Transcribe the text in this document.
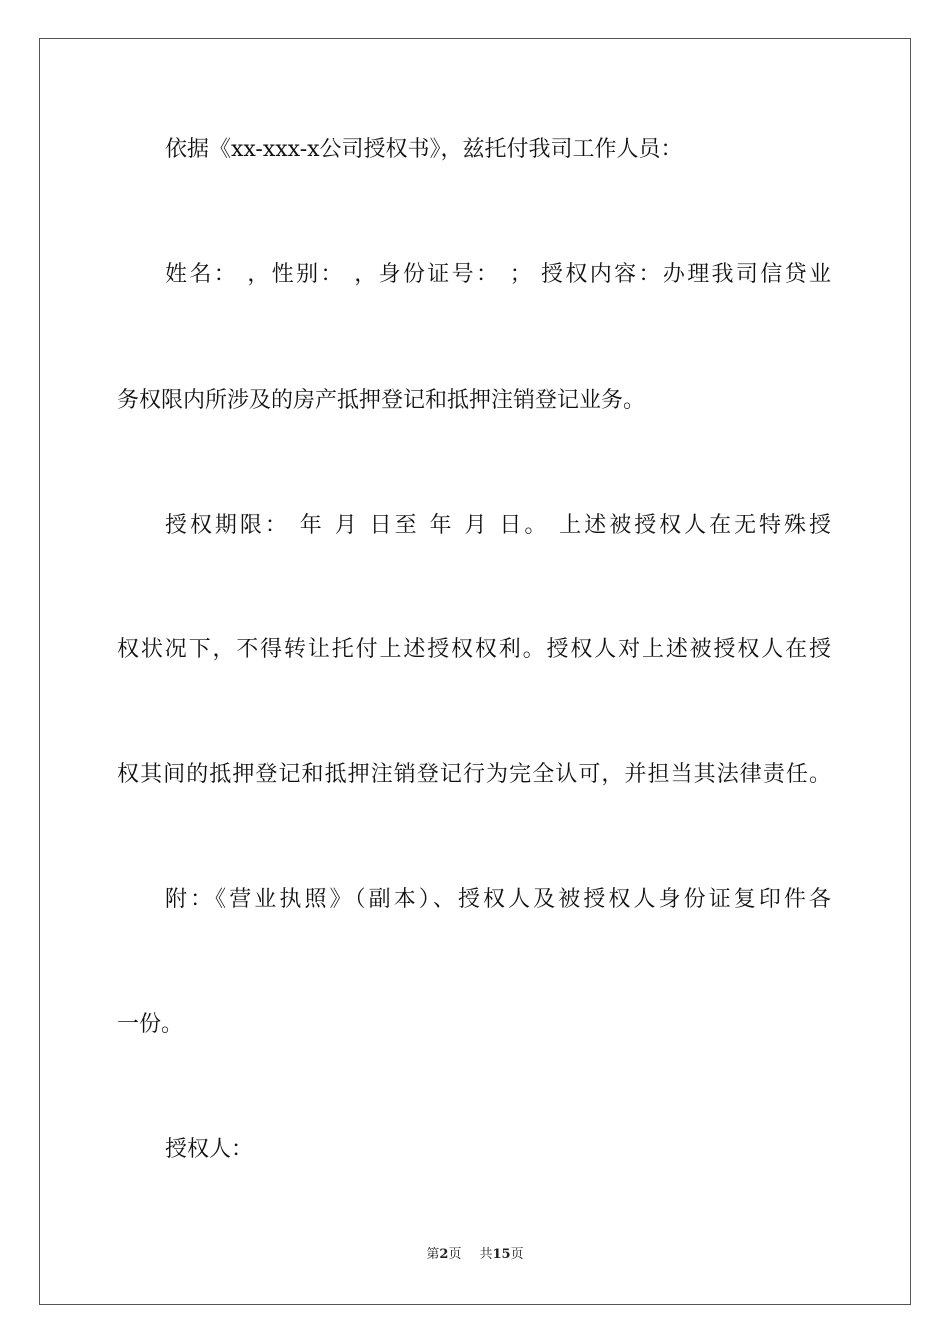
依据《xx-xxx-x公司授权书》，兹托付我司工作人员：
姓名： ，性别： ，身份证号： ； 授权内容：办理我司信贷业
务权限内所涉及的房产抵押登记和抵押注销登记业务。
授权期限： 年 月 日至 年 月 日。 上述被授权人在无特殊授
权状况下，不得转让托付上述授权权利。授权人对上述被授权人在授
权其间的抵押登记和抵押注销登记行为完全认可，并担当其法律责任。
附：《营业执照》（副本）、授权人及被授权人身份证复印件各
一份。
授权人：
第2页 共15页
